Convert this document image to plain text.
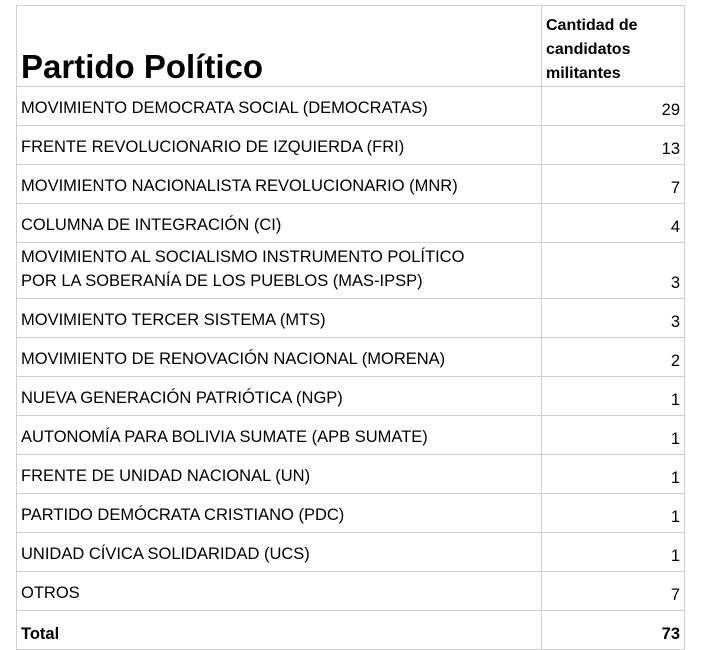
Partido Político	Cantidad de candidatos militantes
MOVIMIENTO DEMOCRATA SOCIAL (DEMOCRATAS)	29
FRENTE REVOLUCIONARIO DE IZQUIERDA (FRI)	13
MOVIMIENTO NACIONALISTA REVOLUCIONARIO (MNR)	7
COLUMNA DE INTEGRACIÓN (CI)	4
MOVIMIENTO AL SOCIALISMO INSTRUMENTO POLÍTICO
POR LA SOBERANÍA DE LOS PUEBLOS (MAS-IPSP)	3
MOVIMIENTO TERCER SISTEMA (MTS)	3
MOVIMIENTO DE RENOVACIÓN NACIONAL (MORENA)	2
NUEVA GENERACIÓN PATRIÓTICA (NGP)	1
AUTONOMÍA PARA BOLIVIA SUMATE (APB SUMATE)	1
FRENTE DE UNIDAD NACIONAL (UN)	1
PARTIDO DEMÓCRATA CRISTIANO (PDC)	1
UNIDAD CÍVICA SOLIDARIDAD (UCS)	1
OTROS	7
Total	73
